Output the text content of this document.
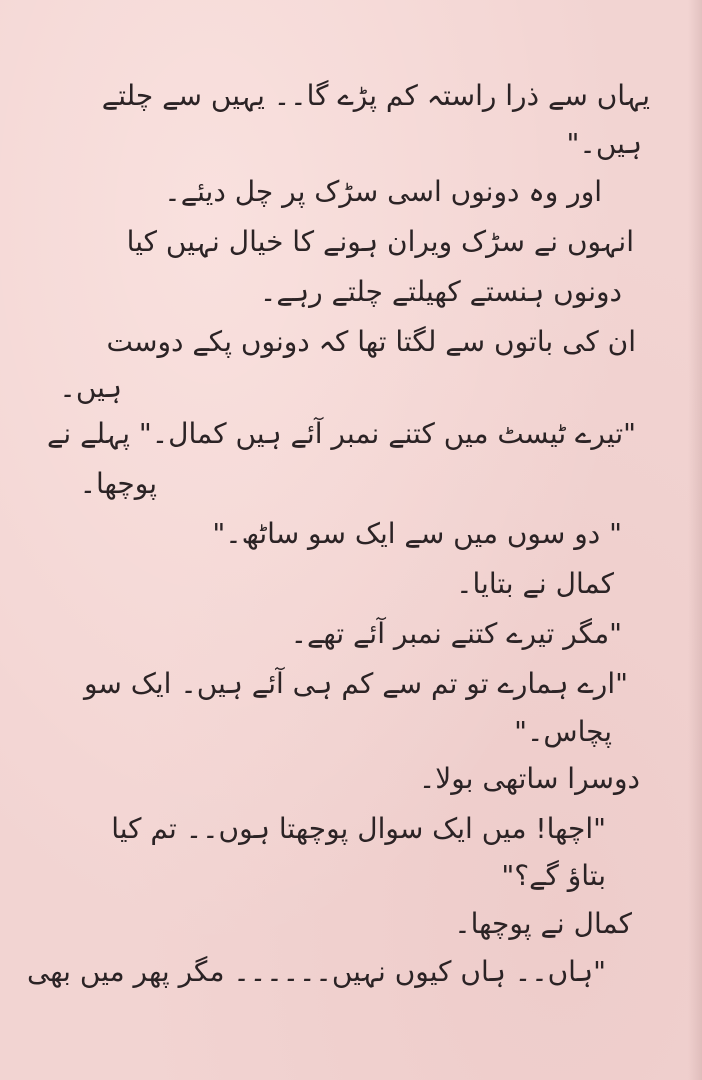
یہاں سے ذرا راستہ کم پڑے گا۔۔ یہیں سے چلتے
ہیں۔"
اور وہ دونوں اسی سڑک پر چل دیئے۔
انہوں نے سڑک ویران ہونے کا خیال نہیں کیا
دونوں ہنستے کھیلتے چلتے رہے۔
ان کی باتوں سے لگتا تھا کہ دونوں پکے دوست
ہیں۔
"تیرے ٹیسٹ میں کتنے نمبر آئے ہیں کمال۔" پہلے نے
پوچھا۔
" دو سوں میں سے ایک سو ساٹھ۔"
کمال نے بتایا۔
"مگر تیرے کتنے نمبر آئے تھے۔
"ارے ہمارے تو تم سے کم ہی آئے ہیں۔ ایک سو
پچاس۔"
دوسرا ساتھی بولا۔
"اچھا! میں ایک سوال پوچھتا ہوں۔۔ تم کیا
بتاؤ گے؟"
کمال نے پوچھا۔
"ہاں۔۔ ہاں کیوں نہیں۔۔۔۔۔۔ مگر پھر میں بھی
